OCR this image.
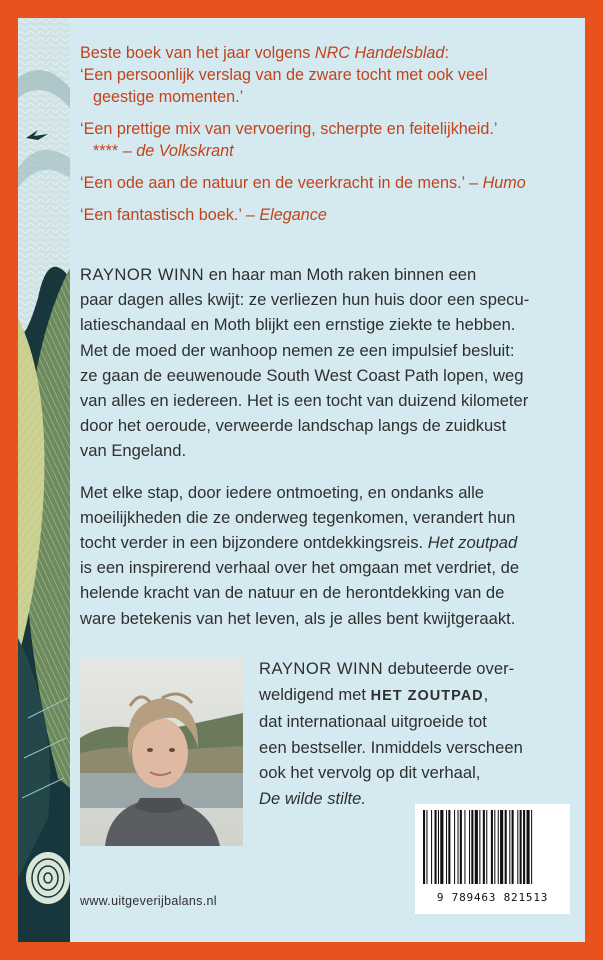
Beste boek van het jaar volgens NRC Handelsblad:
‘Een persoonlijk verslag van de zware tocht met ook veel

geestige momenten.’

‘Een prettige mix van vervoering, scherpte en feitelijkheid.’

**** – de Volkskrant

‘Een ode aan de natuur en de veerkracht in de mens.’ – Humo

‘Een fantastisch boek.’ – Elegance

RAYNOR WINN en haar man Moth raken binnen een
paar dagen alles kwijt: ze verliezen hun huis door een specu-
latieschandaal en Moth blijkt een ernstige ziekte te hebben.
Met de moed der wanhoop nemen ze een impulsief besluit:
ze gaan de eeuwenoude South West Coast Path lopen, weg
van alles en iedereen. Het is een tocht van duizend kilometer
door het oeroude, verweerde landschap langs de zuidkust
van Engeland.

Met elke stap, door iedere ontmoeting, en ondanks alle
moeilijkheden die ze onderweg tegenkomen, verandert hun
tocht verder in een bijzondere ontdekkingsreis. Het zoutpad
is een inspirerend verhaal over het omgaan met verdriet, de
helende kracht van de natuur en de herontdekking van de
ware betekenis van het leven, als je alles bent kwijtgeraakt.

RAYNOR WINN debuteerde over-
weldigend met HET ZOUTPAD,
dat internationaal uitgroeide tot
een bestseller. Inmiddels verscheen
ook het vervolg op dit verhaal,
De wilde stilte.
9 789463 821513
www.uitgeverijbalans.nl
